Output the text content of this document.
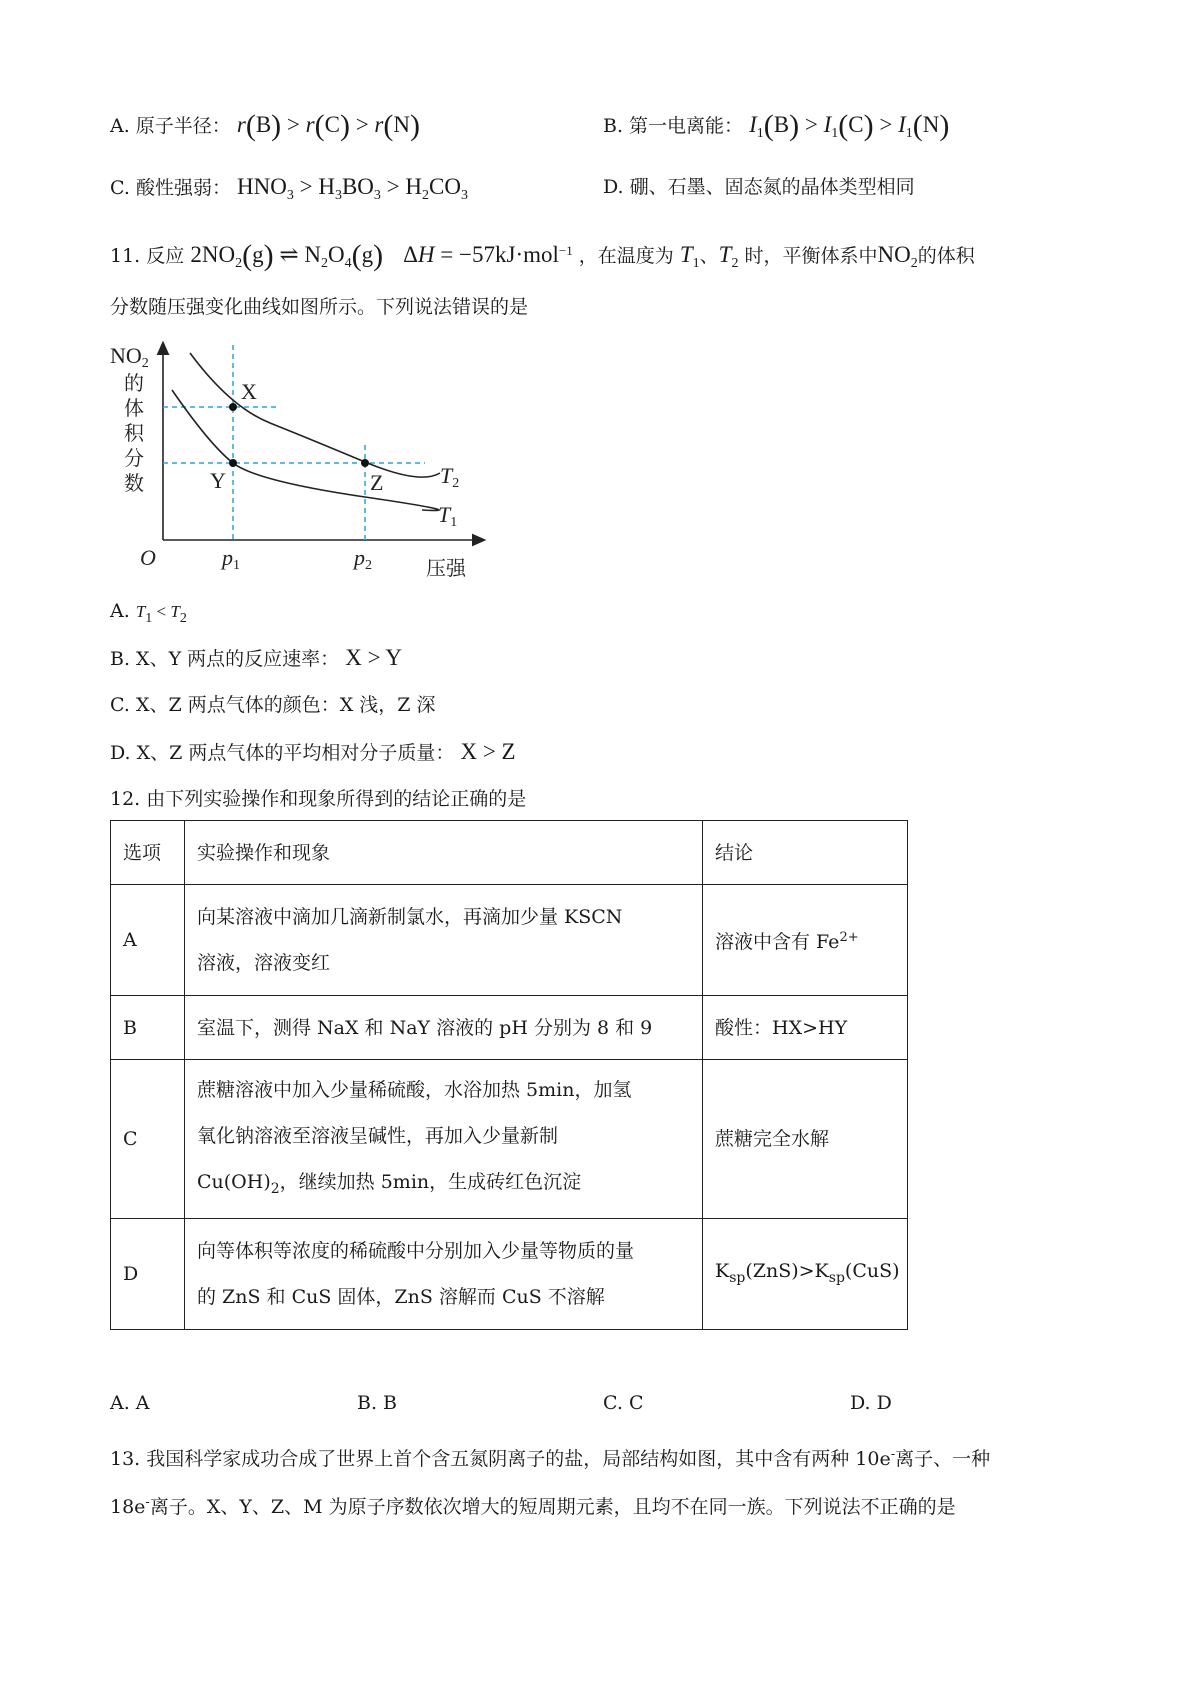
A. 原子半径： r(B) > r(C) > r(N)	B. 第一电离能： $I_1(B) > I_1(C) > I_1(N)$
C. 酸性强弱： $HNO_3 > H_3BO_3 > H_2CO_3$	D. 硼、石墨、固态氮的晶体类型相同
11. 反应 $2NO_2(g)$ ⇌ $N_2O_4(g) \Delta H = -57kJ\cdot mol^{-1}$ ，在温度为 $T_1$、$T_2$ 时，平衡体系中$NO_2$的体积
分数随压强变化曲线如图所示。下列说法错误的是
NO2
的
体
积
分
数
O	p1	p2	压强
X
Y	Z	T2
T1
A. $T_1 < T_2$
B. X、Y 两点的反应速率： X > Y
C. X、Z 两点气体的颜色：X 浅，Z 深
D. X、Z 两点气体的平均相对分子质量： X > Z
12. 由下列实验操作和现象所得到的结论正确的是
选项	实验操作和现象	结论
A	向某溶液中滴加几滴新制氯水，再滴加少量 KSCN
溶液，溶液变红	溶液中含有 $Fe^{2+}$
B	室温下，测得 NaX 和 NaY 溶液的 pH 分别为 8 和 9	酸性：HX>HY
C	蔗糖溶液中加入少量稀硫酸，水浴加热 5min，加氢
氧化钠溶液至溶液呈碱性，再加入少量新制
$Cu(OH)_2$，继续加热 5min，生成砖红色沉淀	蔗糖完全水解
D	向等体积等浓度的稀硫酸中分别加入少量等物质的量
的 ZnS 和 CuS 固体，ZnS 溶解而 CuS 不溶解	$K_{sp}(ZnS)>K_{sp}(CuS)$
A. A	B. B	C. C	D. D
13. 我国科学家成功合成了世界上首个含五氮阴离子的盐，局部结构如图，其中含有两种 10e-离子、一种
18e-离子。X、Y、Z、M 为原子序数依次增大的短周期元素，且均不在同一族。下列说法不正确的是
